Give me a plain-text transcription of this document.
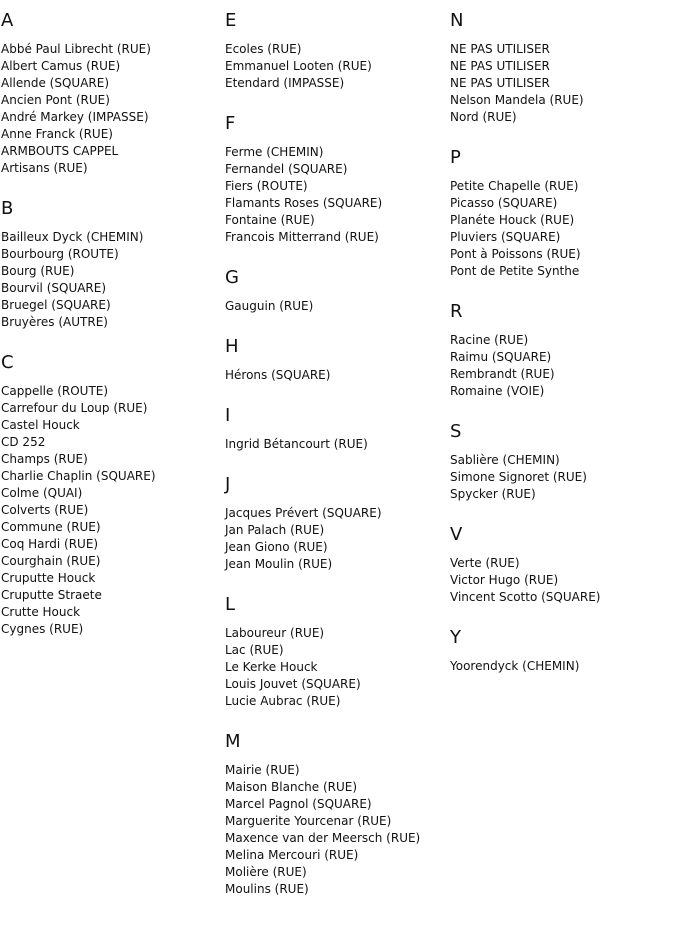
A
Abbé Paul Librecht (RUE)
Albert Camus (RUE)
Allende (SQUARE)
Ancien Pont (RUE)
André Markey (IMPASSE)
Anne Franck (RUE)
ARMBOUTS CAPPEL
Artisans (RUE)
B
Bailleux Dyck (CHEMIN)
Bourbourg (ROUTE)
Bourg (RUE)
Bourvil (SQUARE)
Bruegel (SQUARE)
Bruyères (AUTRE)
C
Cappelle (ROUTE)
Carrefour du Loup (RUE)
Castel Houck
CD 252
Champs (RUE)
Charlie Chaplin (SQUARE)
Colme (QUAI)
Colverts (RUE)
Commune (RUE)
Coq Hardi (RUE)
Courghain (RUE)
Cruputte Houck
Cruputte Straete
Crutte Houck
Cygnes (RUE)
E
Ecoles (RUE)
Emmanuel Looten (RUE)
Etendard (IMPASSE)
F
Ferme (CHEMIN)
Fernandel (SQUARE)
Fiers (ROUTE)
Flamants Roses (SQUARE)
Fontaine (RUE)
Francois Mitterrand (RUE)
G
Gauguin (RUE)
H
Hérons (SQUARE)
I
Ingrid Bétancourt (RUE)
J
Jacques Prévert (SQUARE)
Jan Palach (RUE)
Jean Giono (RUE)
Jean Moulin (RUE)
L
Laboureur (RUE)
Lac (RUE)
Le Kerke Houck
Louis Jouvet (SQUARE)
Lucie Aubrac (RUE)
M
Mairie (RUE)
Maison Blanche (RUE)
Marcel Pagnol (SQUARE)
Marguerite Yourcenar (RUE)
Maxence van der Meersch (RUE)
Melina Mercouri (RUE)
Molière (RUE)
Moulins (RUE)
N
NE PAS UTILISER
NE PAS UTILISER
NE PAS UTILISER
Nelson Mandela (RUE)
Nord (RUE)
P
Petite Chapelle (RUE)
Picasso (SQUARE)
Planéte Houck (RUE)
Pluviers (SQUARE)
Pont à Poissons (RUE)
Pont de Petite Synthe
R
Racine (RUE)
Raimu (SQUARE)
Rembrandt (RUE)
Romaine (VOIE)
S
Sablière (CHEMIN)
Simone Signoret (RUE)
Spycker (RUE)
V
Verte (RUE)
Victor Hugo (RUE)
Vincent Scotto (SQUARE)
Y
Yoorendyck (CHEMIN)
